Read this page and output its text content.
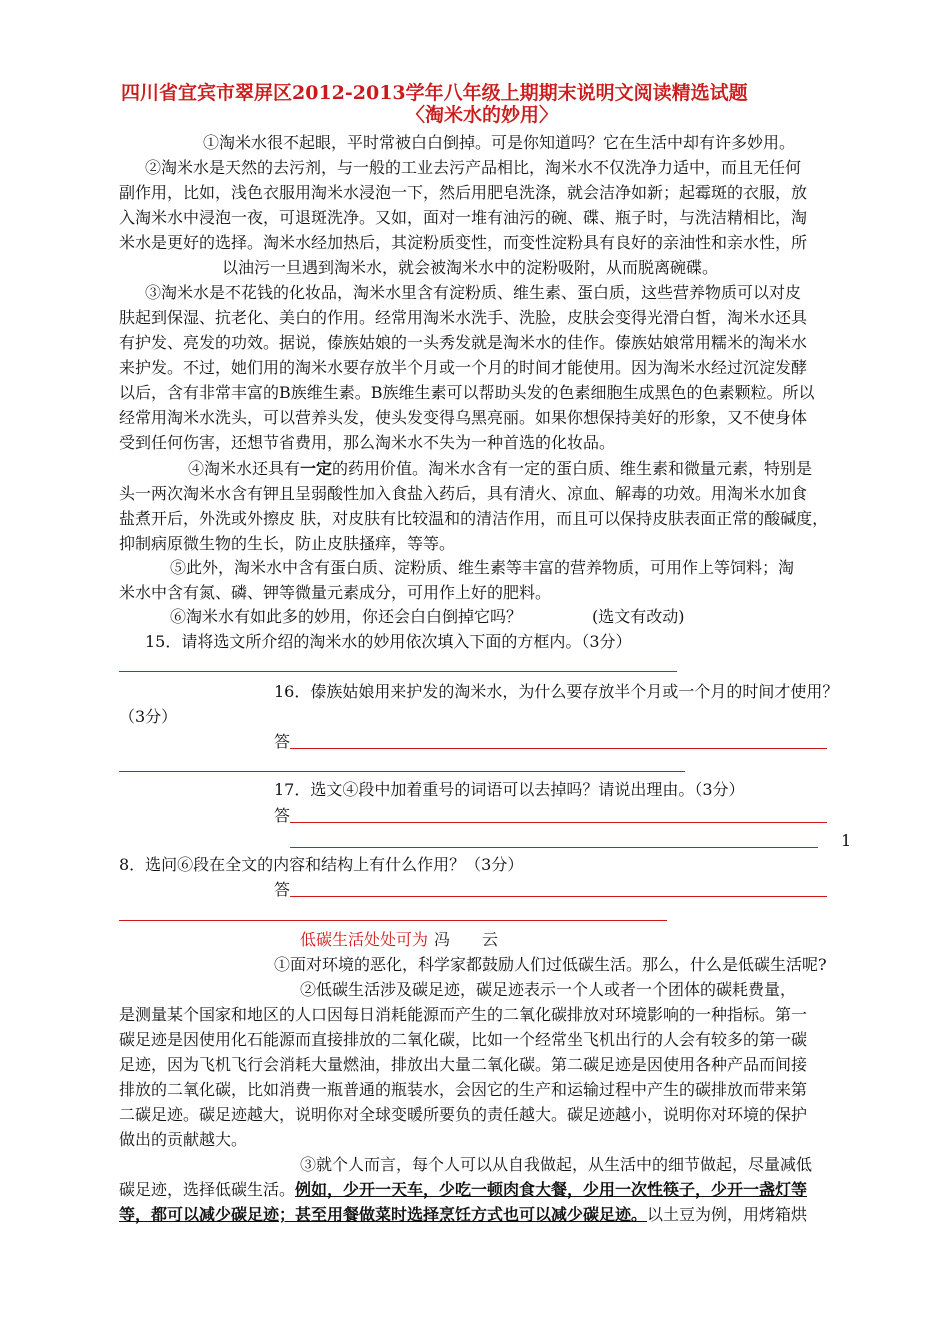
四川省宜宾市翠屏区2012-2013学年八年级上期期末说明文阅读精选试题
〈淘米水的妙用〉
①淘米水很不起眼，平时常被白白倒掉。可是你知道吗？它在生活中却有许多妙用。
②淘米水是天然的去污剂，与一般的工业去污产品相比，淘米水不仅洗净力适中，而且无任何
副作用，比如，浅色衣服用淘米水浸泡一下，然后用肥皂洗涤，就会洁净如新；起霉斑的衣服，放
入淘米水中浸泡一夜，可退斑洗净。又如，面对一堆有油污的碗、碟、瓶子时，与洗洁精相比，淘
米水是更好的选择。淘米水经加热后，其淀粉质变性，而变性淀粉具有良好的亲油性和亲水性，所
以油污一旦遇到淘米水，就会被淘米水中的淀粉吸附，从而脱离碗碟。
③淘米水是不花钱的化妆品，淘米水里含有淀粉质、维生素、蛋白质，这些营养物质可以对皮
肤起到保湿、抗老化、美白的作用。经常用淘米水洗手、洗脸，皮肤会变得光滑白皙，淘米水还具
有护发、亮发的功效。据说，傣族姑娘的一头秀发就是淘米水的佳作。傣族姑娘常用糯米的淘米水
来护发。不过，她们用的淘米水要存放半个月或一个月的时间才能使用。因为淘米水经过沉淀发酵
以后，含有非常丰富的B族维生素。B族维生素可以帮助头发的色素细胞生成黑色的色素颗粒。所以
经常用淘米水洗头，可以营养头发，使头发变得乌黑亮丽。如果你想保持美好的形象，又不使身体
受到任何伤害，还想节省费用，那么淘米水不失为一种首选的化妆品。
④淘米水还具有一定的药用价值。淘米水含有一定的蛋白质、维生素和微量元素，特别是
头一两次淘米水含有钾且呈弱酸性加入食盐入药后，具有清火、凉血、解毒的功效。用淘米水加食
盐煮开后，外洗或外擦皮 肤，对皮肤有比较温和的清洁作用，而且可以保持皮肤表面正常的酸碱度，
抑制病原微生物的生长，防止皮肤搔痒，等等。
⑤此外，淘米水中含有蛋白质、淀粉质、维生素等丰富的营养物质，可用作上等饲料；淘
米水中含有氮、磷、钾等微量元素成分，可用作上好的肥料。
⑥淘米水有如此多的妙用，你还会白白倒掉它吗？	(选文有改动)
15．请将选文所介绍的淘米水的妙用依次填入下面的方框内。（3分）
16．傣族姑娘用来护发的淘米水，为什么要存放半个月或一个月的时间才使用？
（3分）
答
17．选文④段中加着重号的词语可以去掉吗？请说出理由。（3分）
答
1
8．选问⑥段在全文的内容和结构上有什么作用？（3分）
答
低碳生活处处可为 冯　　云
①面对环境的恶化，科学家都鼓励人们过低碳生活。那么，什么是低碳生活呢?
②低碳生活涉及碳足迹，碳足迹表示一个人或者一个团体的碳耗费量，
是测量某个国家和地区的人口因每日消耗能源而产生的二氧化碳排放对环境影响的一种指标。第一
碳足迹是因使用化石能源而直接排放的二氧化碳，比如一个经常坐飞机出行的人会有较多的第一碳
足迹，因为飞机飞行会消耗大量燃油，排放出大量二氧化碳。第二碳足迹是因使用各种产品而间接
排放的二氧化碳，比如消费一瓶普通的瓶装水，会因它的生产和运输过程中产生的碳排放而带来第
二碳足迹。碳足迹越大，说明你对全球变暖所要负的责任越大。碳足迹越小，说明你对环境的保护
做出的贡献越大。
③就个人而言，每个人可以从自我做起，从生活中的细节做起，尽量减低
碳足迹，选择低碳生活。例如，少开一天车，少吃一顿肉食大餐，少用一次性筷子，少开一盏灯等
等，都可以减少碳足迹；甚至用餐做菜时选择烹饪方式也可以减少碳足迹。以土豆为例，用烤箱烘
